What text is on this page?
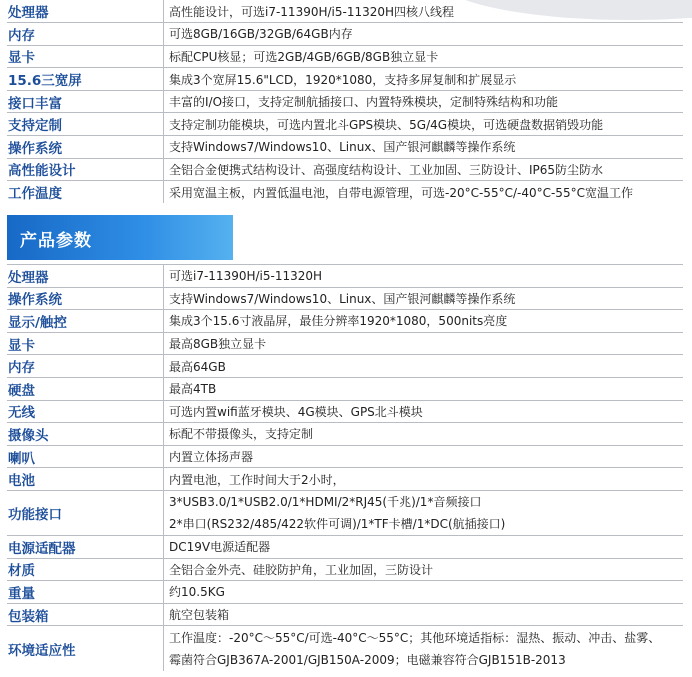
处理器	高性能设计，可选i7-11390H/i5-11320H四核八线程
内存	可选8GB/16GB/32GB/64GB内存
显卡	标配CPU核显；可选2GB/4GB/6GB/8GB独立显卡
15.6三宽屏	集成3个宽屏15.6"LCD，1920*1080，支持多屏复制和扩展显示
接口丰富	丰富的I/O接口，支持定制航插接口、内置特殊模块，定制特殊结构和功能
支持定制	支持定制功能模块，可选内置北斗GPS模块、5G/4G模块，可选硬盘数据销毁功能
操作系统	支持Windows7/Windows10、Linux、国产银河麒麟等操作系统
高性能设计	全铝合金便携式结构设计、高强度结构设计、工业加固、三防设计、IP65防尘防水
工作温度	采用宽温主板，内置低温电池，自带电源管理，可选-20°C-55°C/-40°C-55°C宽温工作
产品参数
处理器	可选i7-11390H/i5-11320H
操作系统	支持Windows7/Windows10、Linux、国产银河麒麟等操作系统
显示/触控	集成3个15.6寸液晶屏，最佳分辨率1920*1080，500nits亮度
显卡	最高8GB独立显卡
内存	最高64GB
硬盘	最高4TB
无线	可选内置wifi蓝牙模块、4G模块、GPS北斗模块
摄像头	标配不带摄像头，支持定制
喇叭	内置立体扬声器
电池	内置电池，工作时间大于2小时，
功能接口	3*USB3.0/1*USB2.0/1*HDMI/2*RJ45(千兆)/1*音频接口
2*串口(RS232/485/422软件可调)/1*TF卡槽/1*DC(航插接口)

电源适配器	DC19V电源适配器
材质	全铝合金外壳、硅胶防护角，工业加固，三防设计
重量	约10.5KG
包装箱	航空包装箱
环境适应性	工作温度：-20°C～55°C/可选-40°C～55°C；其他环境适指标：湿热、振动、冲击、盐雾、
霉菌符合GJB367A-2001/GJB150A-2009；电磁兼容符合GJB151B-2013
